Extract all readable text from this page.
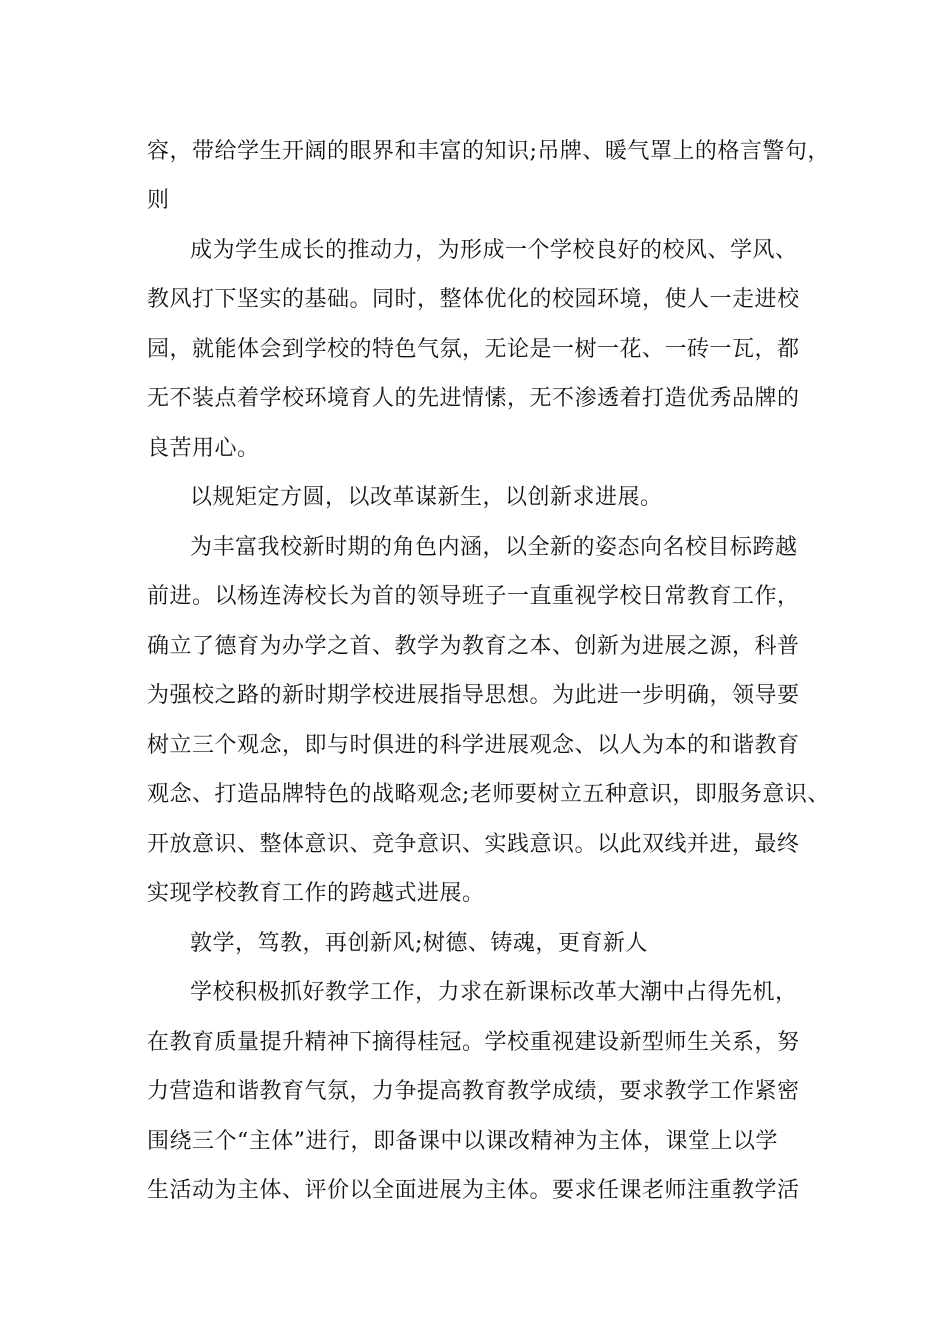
容，带给学生开阔的眼界和丰富的知识;吊牌、暖气罩上的格言警句，
则
成为学生成长的推动力，为形成一个学校良好的校风、学风、
教风打下坚实的基础。同时，整体优化的校园环境，使人一走进校
园，就能体会到学校的特色气氛，无论是一树一花、一砖一瓦，都
无不装点着学校环境育人的先进情愫，无不渗透着打造优秀品牌的
良苦用心。
以规矩定方圆，以改革谋新生，以创新求进展。
为丰富我校新时期的角色内涵，以全新的姿态向名校目标跨越
前进。以杨连涛校长为首的领导班子一直重视学校日常教育工作，
确立了德育为办学之首、教学为教育之本、创新为进展之源，科普
为强校之路的新时期学校进展指导思想。为此进一步明确，领导要
树立三个观念，即与时俱进的科学进展观念、以人为本的和谐教育
观念、打造品牌特色的战略观念;老师要树立五种意识，即服务意识、
开放意识、整体意识、竞争意识、实践意识。以此双线并进，最终
实现学校教育工作的跨越式进展。
敦学，笃教，再创新风;树德、铸魂，更育新人
学校积极抓好教学工作，力求在新课标改革大潮中占得先机，
在教育质量提升精神下摘得桂冠。学校重视建设新型师生关系，努
力营造和谐教育气氛，力争提高教育教学成绩，要求教学工作紧密
围绕三个“主体”进行，即备课中以课改精神为主体，课堂上以学
生活动为主体、评价以全面进展为主体。要求任课老师注重教学活
